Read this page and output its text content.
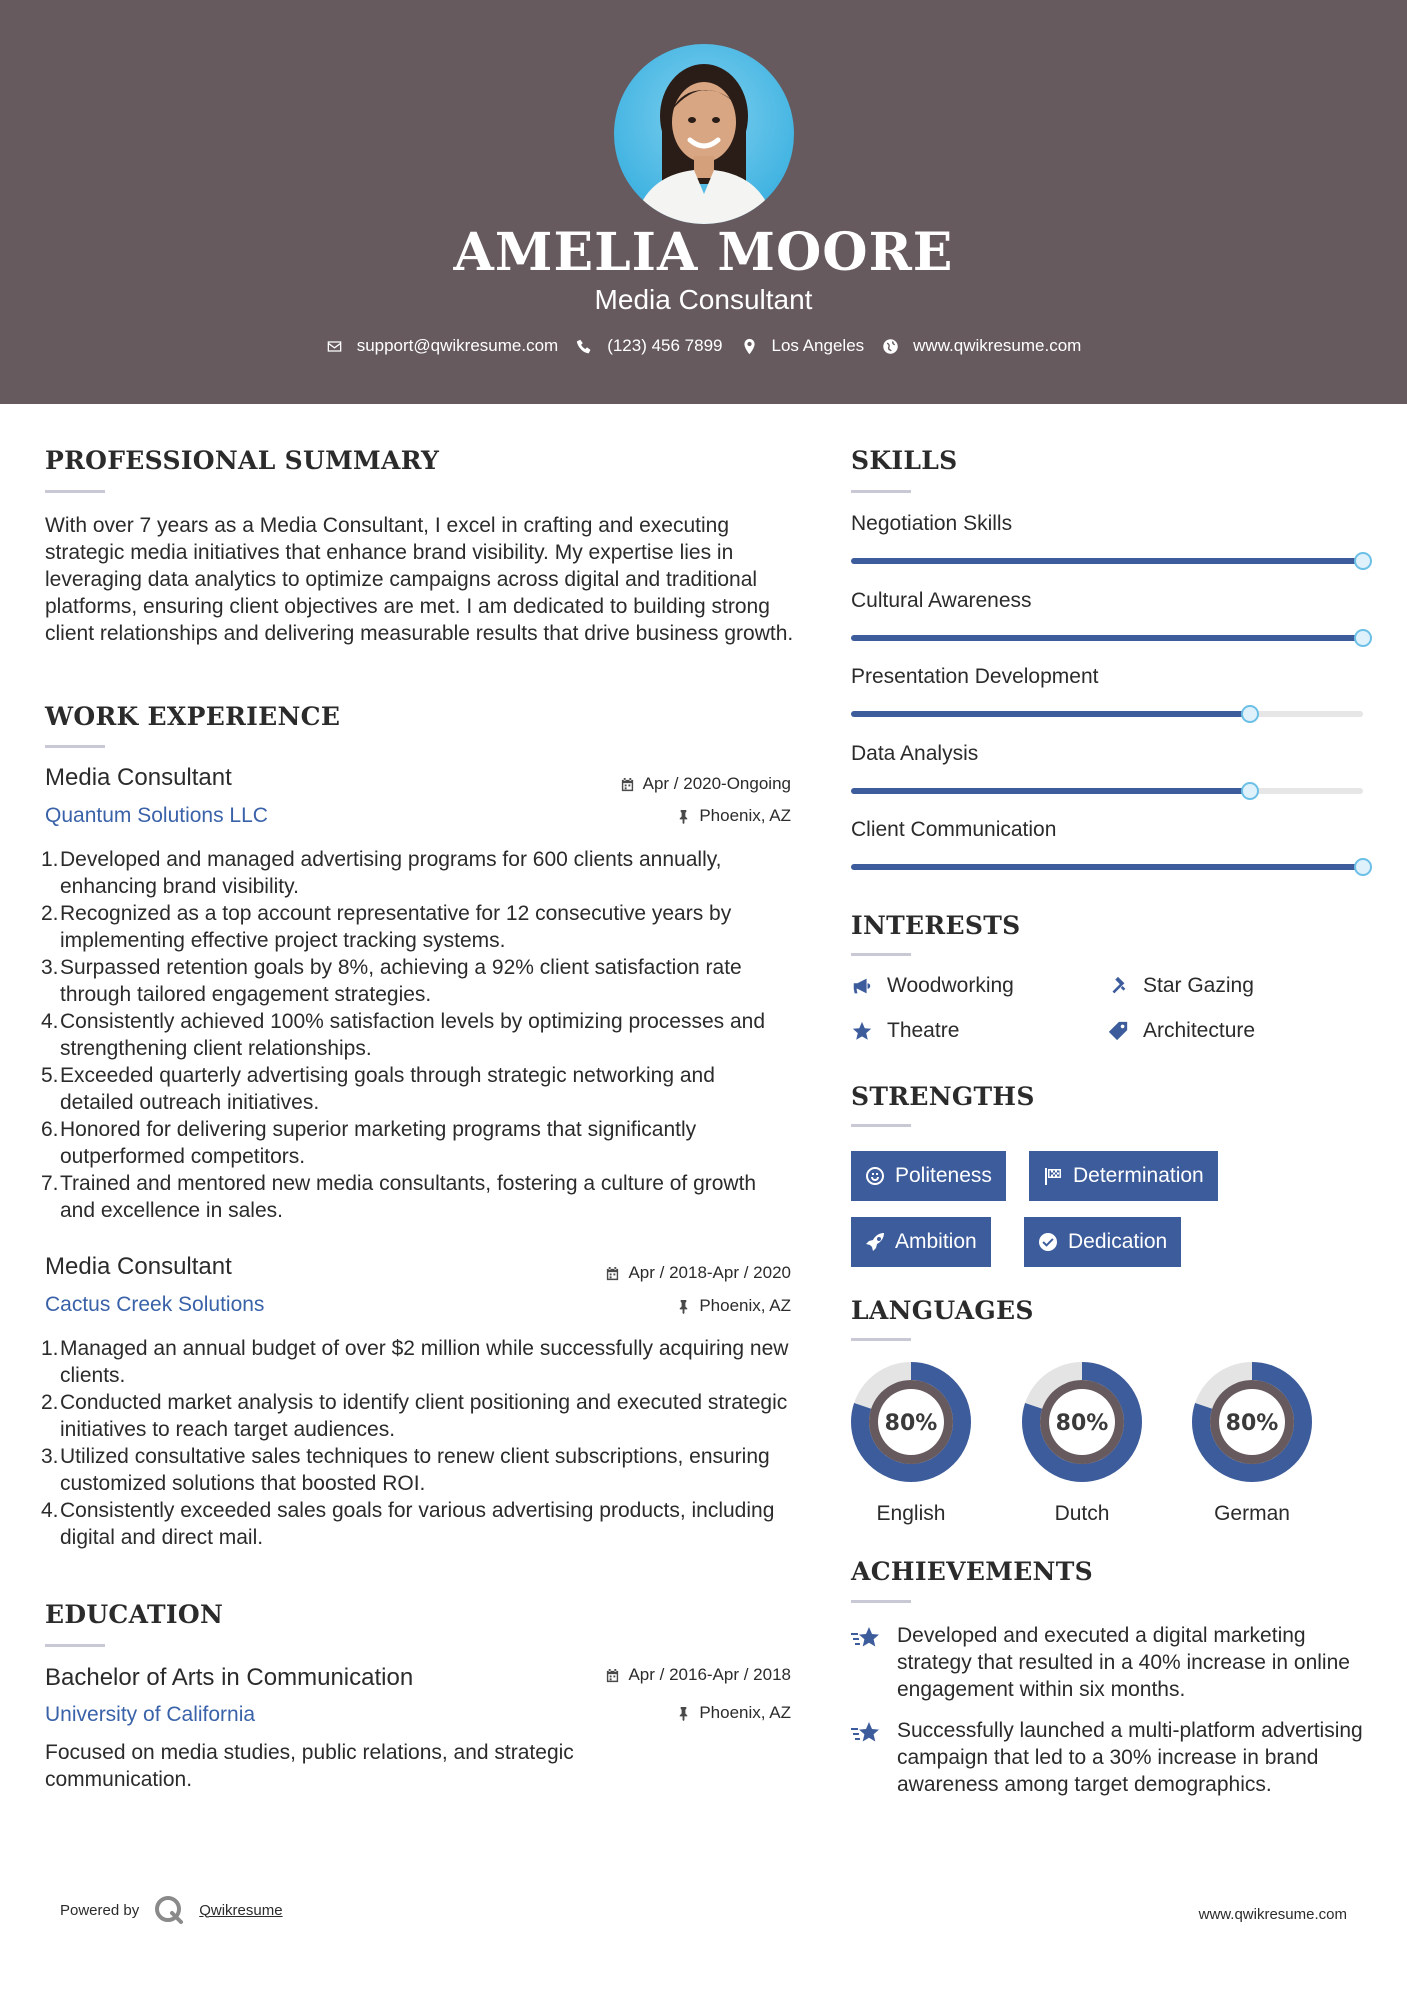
AMELIA MOORE
Media Consultant
support@qwikresume.com	(123) 456 7899	Los Angeles	www.qwikresume.com
PROFESSIONAL SUMMARY
With over 7 years as a Media Consultant, I excel in crafting and executing strategic media initiatives that enhance brand visibility. My expertise lies in leveraging data analytics to optimize campaigns across digital and traditional platforms, ensuring client objectives are met. I am dedicated to building strong client relationships and delivering measurable results that drive business growth.
WORK EXPERIENCE
Media Consultant
Quantum Solutions LLC
Apr / 2020-Ongoing
Phoenix, AZ
1. Developed and managed advertising programs for 600 clients annually, enhancing brand visibility.
2. Recognized as a top account representative for 12 consecutive years by implementing effective project tracking systems.
3. Surpassed retention goals by 8%, achieving a 92% client satisfaction rate through tailored engagement strategies.
4. Consistently achieved 100% satisfaction levels by optimizing processes and strengthening client relationships.
5. Exceeded quarterly advertising goals through strategic networking and detailed outreach initiatives.
6. Honored for delivering superior marketing programs that significantly outperformed competitors.
7. Trained and mentored new media consultants, fostering a culture of growth and excellence in sales.
Media Consultant
Cactus Creek Solutions
Apr / 2018-Apr / 2020
Phoenix, AZ
1. Managed an annual budget of over $2 million while successfully acquiring new clients.
2. Conducted market analysis to identify client positioning and executed strategic initiatives to reach target audiences.
3. Utilized consultative sales techniques to renew client subscriptions, ensuring customized solutions that boosted ROI.
4. Consistently exceeded sales goals for various advertising products, including digital and direct mail.
EDUCATION
Bachelor of Arts in Communication
University of California
Apr / 2016-Apr / 2018
Phoenix, AZ
Focused on media studies, public relations, and strategic communication.
SKILLS
Negotiation Skills
Cultural Awareness
Presentation Development
Data Analysis
Client Communication
INTERESTS
Woodworking	Star Gazing
Theatre	Architecture
STRENGTHS
Politeness	Determination
Ambition	Dedication
LANGUAGES
80%
English
80%
Dutch
80%
German
ACHIEVEMENTS
Developed and executed a digital marketing strategy that resulted in a 40% increase in online engagement within six months.
Successfully launched a multi-platform advertising campaign that led to a 30% increase in brand awareness among target demographics.
Powered by	Qwikresume	www.qwikresume.com
